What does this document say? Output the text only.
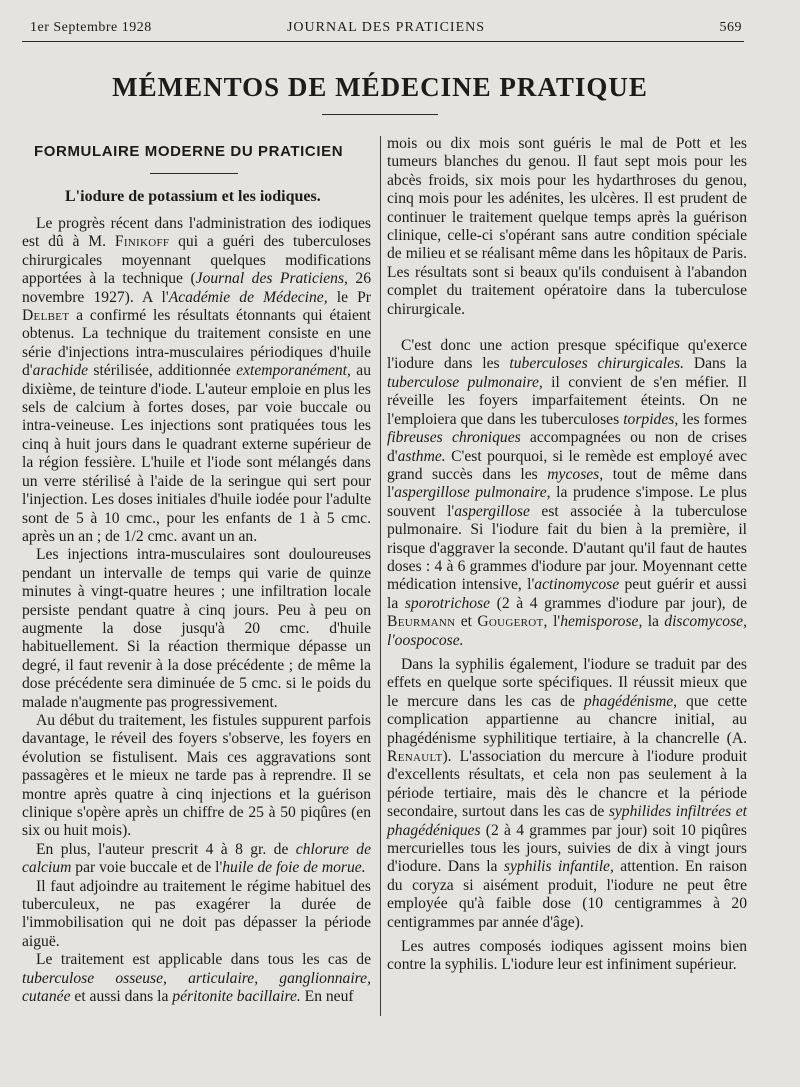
1er Septembre 1928	JOURNAL DES PRATICIENS	569
MÉMENTOS DE MÉDECINE PRATIQUE
FORMULAIRE MODERNE DU PRATICIEN
L'iodure de potassium et les iodiques.

Le progrès récent dans l'administration des iodiques est dû à M. Finikoff qui a guéri des tuberculoses chirurgicales moyennant quelques modifications apportées à la technique (Journal des Praticiens, 26 novembre 1927). A l'Académie de Médecine, le Pr Delbet a confirmé les résultats étonnants qui étaient obtenus. La technique du traitement consiste en une série d'injections intra-musculaires périodiques d'huile d'arachide stérilisée, additionnée extemporanément, au dixième, de teinture d'iode. L'auteur emploie en plus les sels de calcium à fortes doses, par voie buccale ou intra-veineuse. Les injections sont pratiquées tous les cinq à huit jours dans le quadrant externe supérieur de la région fessière. L'huile et l'iode sont mélangés dans un verre stérilisé à l'aide de la seringue qui sert pour l'injection. Les doses initiales d'huile iodée pour l'adulte sont de 5 à 10 cmc., pour les enfants de 1 à 5 cmc. après un an ; de 1/2 cmc. avant un an.

Les injections intra-musculaires sont douloureuses pendant un intervalle de temps qui varie de quinze minutes à vingt-quatre heures ; une infiltration locale persiste pendant quatre à cinq jours. Peu à peu on augmente la dose jusqu'à 20 cmc. d'huile habituellement. Si la réaction thermique dépasse un degré, il faut revenir à la dose précédente ; de même la dose précédente sera diminuée de 5 cmc. si le poids du malade n'augmente pas progressivement.

Au début du traitement, les fistules suppurent parfois davantage, le réveil des foyers s'observe, les foyers en évolution se fistulisent. Mais ces aggravations sont passagères et le mieux ne tarde pas à reprendre. Il se montre après quatre à cinq injections et la guérison clinique s'opère après un chiffre de 25 à 50 piqûres (en six ou huit mois).

En plus, l'auteur prescrit 4 à 8 gr. de chlorure de calcium par voie buccale et de l'huile de foie de morue.

Il faut adjoindre au traitement le régime habituel des tuberculeux, ne pas exagérer la durée de l'immobilisation qui ne doit pas dépasser la période aiguë.

Le traitement est applicable dans tous les cas de tuberculose osseuse, articulaire, ganglionnaire, cutanée et aussi dans la péritonite bacillaire. En neuf

mois ou dix mois sont guéris le mal de Pott et les tumeurs blanches du genou. Il faut sept mois pour les abcès froids, six mois pour les hydarthroses du genou, cinq mois pour les adénites, les ulcères. Il est prudent de continuer le traitement quelque temps après la guérison clinique, celle-ci s'opérant sans autre condition spéciale de milieu et se réalisant même dans les hôpitaux de Paris. Les résultats sont si beaux qu'ils conduisent à l'abandon complet du traitement opératoire dans la tuberculose chirurgicale.

C'est donc une action presque spécifique qu'exerce l'iodure dans les tuberculoses chirurgicales. Dans la tuberculose pulmonaire, il convient de s'en méfier. Il réveille les foyers imparfaitement éteints. On ne l'emploiera que dans les tuberculoses torpides, les formes fibreuses chroniques accompagnées ou non de crises d'asthme. C'est pourquoi, si le remède est employé avec grand succès dans les mycoses, tout de même dans l'aspergillose pulmonaire, la prudence s'impose. Le plus souvent l'aspergillose est associée à la tuberculose pulmonaire. Si l'iodure fait du bien à la première, il risque d'aggraver la seconde. D'autant qu'il faut de hautes doses : 4 à 6 grammes d'iodure par jour. Moyennant cette médication intensive, l'actinomycose peut guérir et aussi la sporotrichose (2 à 4 grammes d'iodure par jour), de Beurmann et Gougerot, l'hemisporose, la discomycose, l'oospocose.

Dans la syphilis également, l'iodure se traduit par des effets en quelque sorte spécifiques. Il réussit mieux que le mercure dans les cas de phagédénisme, que cette complication appartienne au chancre initial, au phagédénisme syphilitique tertiaire, à la chancrelle (A. Renault). L'association du mercure à l'iodure produit d'excellents résultats, et cela non pas seulement à la période tertiaire, mais dès le chancre et la période secondaire, surtout dans les cas de syphilides infiltrées et phagédéniques (2 à 4 grammes par jour) soit 10 piqûres mercurielles tous les jours, suivies de dix à vingt jours d'iodure. Dans la syphilis infantile, attention. En raison du coryza si aisément produit, l'iodure ne peut être employée qu'à faible dose (10 centigrammes à 20 centigrammes par année d'âge).

Les autres composés iodiques agissent moins bien contre la syphilis. L'iodure leur est infiniment supérieur.
